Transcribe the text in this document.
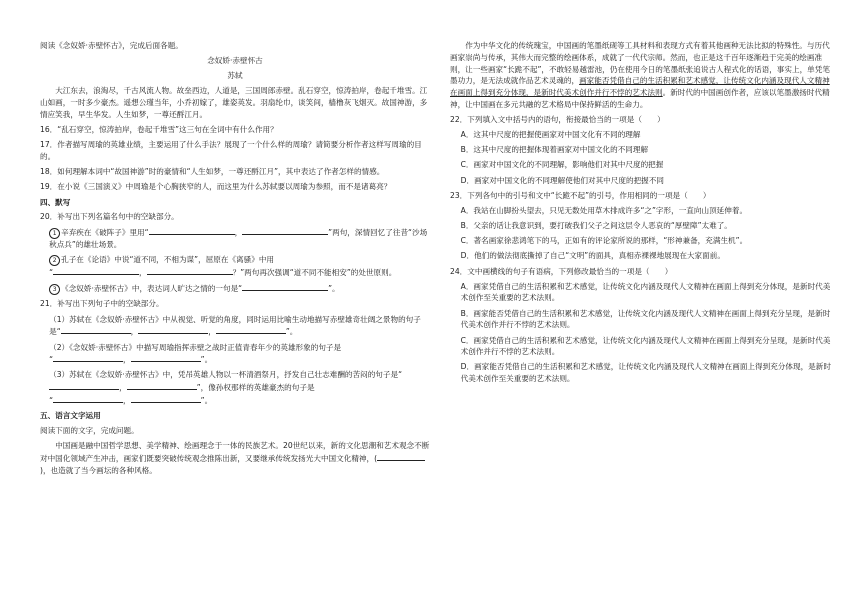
阅读《念奴娇·赤壁怀古》，完成后面各题。

念奴娇·赤壁怀古

苏轼

大江东去，浪淘尽，千古风流人物。故垒西边，人道是，三国周郎赤壁。乱石穿空，惊涛拍岸，卷起千堆雪。江山如画，一时多少豪杰。遥想公瑾当年，小乔初嫁了，雄姿英发。羽扇纶巾，谈笑间，樯橹灰飞烟灭。故国神游，多情应笑我，早生华发。人生如梦，一尊还酹江月。

16．“乱石穿空，惊涛拍岸，卷起千堆雪”这三句在全词中有什么作用？

17．作者描写周瑜的英雄业绩，主要运用了什么手法？展现了一个什么样的周瑜？请简要分析作者这样写周瑜的目的。

18．如何理解本词中“故国神游”时的豪情和“人生如梦，一尊还酹江月”，其中表达了作者怎样的情感。

19．在小说《三国演义》中周瑜是个心胸狭窄的人，而这里为什么苏轼要以周瑜为参照，而不是诸葛亮？

四、默写

20．补写出下列名篇名句中的空缺部分。

1 辛弃疾在《破阵子》里用“	，	”两句，深情回忆了往昔“沙场秋点兵”的雄壮场景。

2 孔子在《论语》中说“道不同，不相为谋”，屈原在《离骚》中用
“	，	？”两句再次强调“道不同不能相安”的处世原则。

3 《念奴娇·赤壁怀古》中，表达词人旷达之情的一句是“	”。

21．补写出下列句子中的空缺部分。

（1）苏轼在《念奴娇·赤壁怀古》中从视觉、听觉的角度，同时运用比喻生动地描写赤壁雄奇壮阔之景物的句子是“	，	，	”。

（2）《念奴娇·赤壁怀古》中描写周瑜指挥赤壁之战时正值青春年少的英雄形象的句子是
“	，	”。

（3）苏轼在《念奴娇·赤壁怀古》中，凭吊英雄人物以一杯清酒祭月，抒发自己壮志难酬的苦闷的句子是“，	”，像孙权那样的英雄豪杰的句子是
“	，	”。

五、语言文字运用

阅读下面的文字，完成问题。

中国画是融中国哲学思想、美学精神、绘画理念于一体的民族艺术。20世纪以来，新的文化思潮和艺术观念不断对中国化领域产生冲击，画家们既要突破传统观念推陈出新，又要继承传统发扬光大中国文化精神，()，也造就了当今画坛的各种风格。

作为中华文化的传统瑰宝，中国画的笔墨纸砚等工具材料和表现方式有着其他画种无法比拟的特殊性。与历代画家崇尚与传承，其伟大而完整的绘画体系，成就了一代代宗师。然而，也正是这千百年逐渐趋于完美的绘画准则，让一些画家“长跪不起”，不敢轻易越雷池，仍在使用今日的笔墨纸张追说古人程式化的话语，事实上，单凭笔墨功力，是无法成就作品艺术灵魂的，画家能否凭借自己的生活积累和艺术感觉，让传统文化内涵及现代人文精神在画面上得到充分体现，是新时代美术创作并行不悖的艺术法则。新时代的中国画创作者，应该以笔墨激扬时代精神，让中国画在多元共融的艺术格局中保持鲜活的生命力。

22．下列填入文中括号内的语句，衔接最恰当的一项是（　　）

A．这其中尺度的把握使画家对中国文化有不同的理解

B．这其中尺度的把握体现着画家对中国文化的不同理解

C．画家对中国文化的不同理解，影响他们对其中尺度的把握

D．画家对中国文化的不同理解使他们对其中尺度的把握不同

23．下列各句中的引号和文中“长跪不起”的引号，作用相同的一项是（　　）

A．我站在山脚扮头望去，只见无数处用草木排成许多“之”字形，一直向山顶延伸着。

B．父亲的话让我意识到，要打破我们父子之间这层令人恶哀的“厚壁障”太难了。

C．著名画家徐悲鸿笔下的马，正如有的评论家所说的那样，“形神兼备，充满生机”。

D．他们的做法彻底撕掉了自己“文明”的面具，真相赤裸裸地展现在大家面前。

24．文中画横线的句子有语病，下列修改最恰当的一项是（　　）

A．画家凭借自己的生活积累和艺术感觉，让传统文化内涵及现代人文精神在画面上得到充分体现，是新时代美术创作至关重要的艺术法则。

B．画家能否凭借自己的生活积累和艺术感觉，让传统文化内涵及现代人文精神在画面上得到充分呈现，是新时代美术创作并行不悖的艺术法则。

C．画家凭借自己的生活积累和艺术感觉，让传统文化内涵及现代人文精神在画面上得到充分呈现，是新时代美术创作并行不悖的艺术法则。

D．画家能否凭借自己的生活积累和艺术感觉，让传统文化内涵及现代人文精神在画面上得到充分体现，是新时代美术创作至关重要的艺术法则。
